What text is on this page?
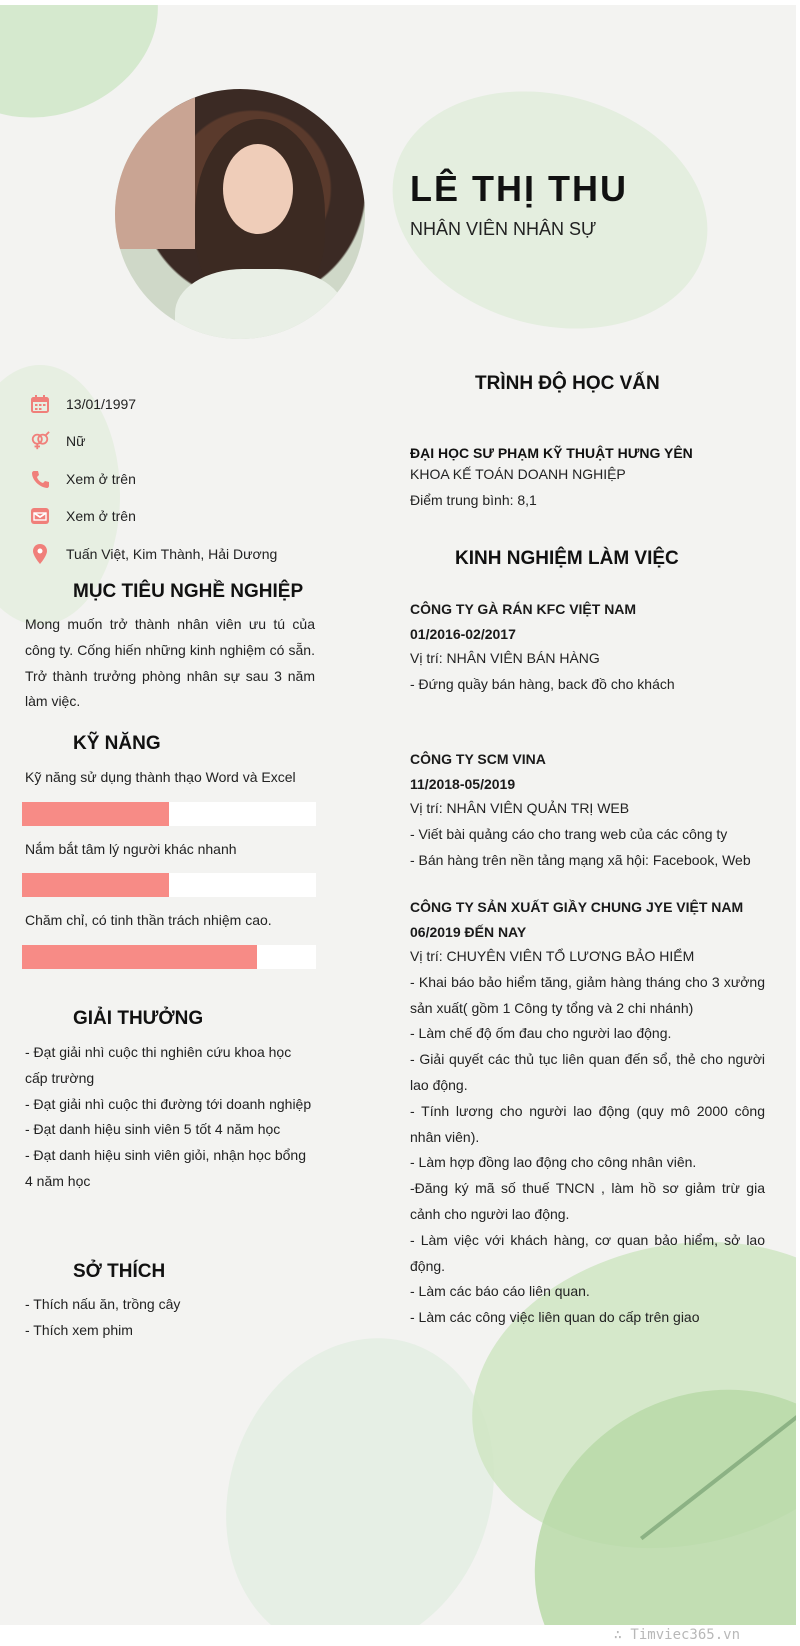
LÊ THỊ THU
NHÂN VIÊN NHÂN SỰ
13/01/1997
Nữ
Xem ở trên
Xem ở trên
Tuấn Việt, Kim Thành, Hải Dương
MỤC TIÊU NGHỀ NGHIỆP
Mong muốn trở thành nhân viên ưu tú của công ty. Cống hiến những kinh nghiệm có sẵn. Trở thành trưởng phòng nhân sự sau 3 năm làm việc.
KỸ NĂNG
Kỹ năng sử dụng thành thạo Word và Excel
Nắm bắt tâm lý người khác nhanh
Chăm chỉ, có tinh thần trách nhiệm cao.
GIẢI THƯỞNG
- Đạt giải nhì cuộc thi nghiên cứu khoa học cấp trường
- Đạt giải nhì cuộc thi đường tới doanh nghiệp
- Đạt danh hiệu sinh viên 5 tốt 4 năm học
- Đạt danh hiệu sinh viên giỏi, nhận học bổng 4 năm học
SỞ THÍCH
- Thích nấu ăn, trồng cây
- Thích xem phim
TRÌNH ĐỘ HỌC VẤN
ĐẠI HỌC SƯ PHẠM KỸ THUẬT HƯNG YÊN
KHOA KẾ TOÁN DOANH NGHIỆP
Điểm trung bình: 8,1
KINH NGHIỆM LÀM VIỆC
CÔNG TY GÀ RÁN KFC VIỆT NAM
01/2016-02/2017
Vị trí: NHÂN VIÊN BÁN HÀNG
- Đứng quầy bán hàng, back đồ cho khách
CÔNG TY SCM VINA
11/2018-05/2019
Vị trí: NHÂN VIÊN QUẢN TRỊ WEB
- Viết bài quảng cáo cho trang web của các công ty
- Bán hàng trên nền tảng mạng xã hội: Facebook, Web
CÔNG TY SẢN XUẤT GIẦY CHUNG JYE VIỆT NAM
06/2019 ĐẾN NAY
Vị trí: CHUYÊN VIÊN TỔ LƯƠNG BẢO HIỂM
- Khai báo bảo hiểm tăng, giảm hàng tháng cho 3 xưởng sản xuất( gồm 1 Công ty tổng và 2 chi nhánh)
- Làm chế độ ốm đau cho người lao động.
- Giải quyết các thủ tục liên quan đến sổ, thẻ cho người lao động.
- Tính lương cho người lao động (quy mô 2000 công nhân viên).
- Làm hợp đồng lao động cho công nhân viên.
-Đăng ký mã số thuế TNCN , làm hồ sơ giảm trừ gia cảnh cho người lao động.
- Làm việc với khách hàng, cơ quan bảo hiểm, sở lao động.
- Làm các báo cáo liên quan.
- Làm các công việc liên quan do cấp trên giao
∴ Timviec365.vn
